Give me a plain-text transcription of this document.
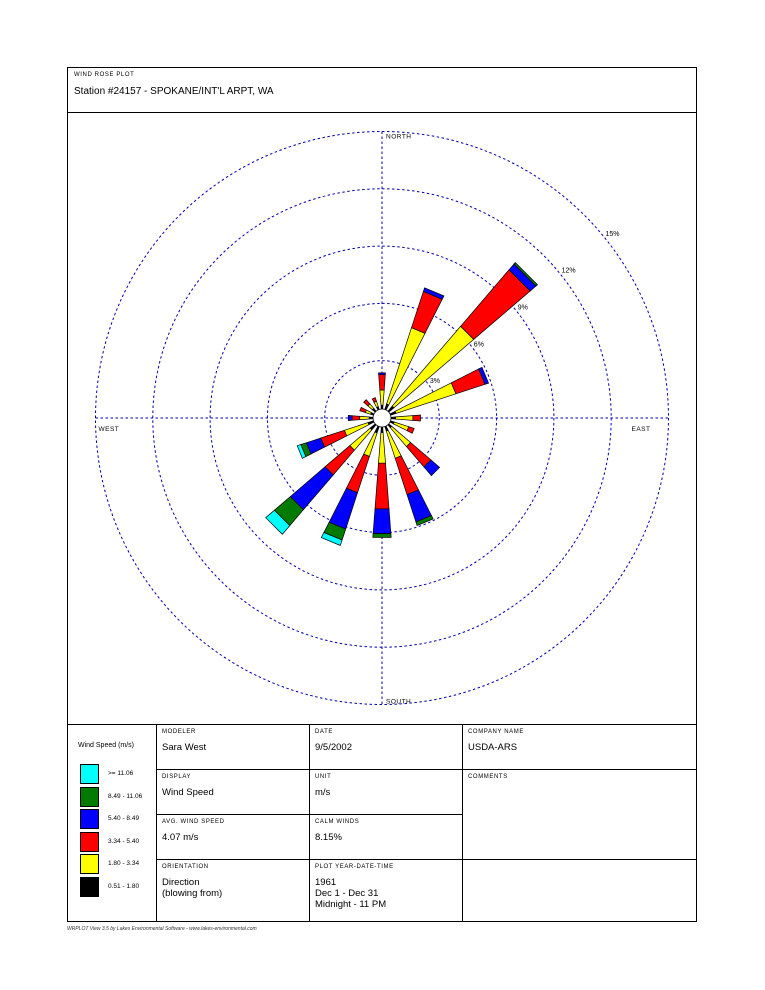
WIND ROSE PLOT
Station #24157 - SPOKANE/INT'L ARPT, WA
3%
6%
9%
12%
15%
NORTH
SOUTH
EAST
WEST
Wind Speed (m/s)
>= 11.06
8.49 - 11.06
5.40 - 8.49
3.34 - 5.40
1.80 - 3.34
0.51 - 1.80
MODELER
Sara West
DATE
9/5/2002
COMPANY NAME
USDA-ARS
DISPLAY
Wind Speed
UNIT
m/s
COMMENTS
AVG. WIND SPEED
4.07 m/s
CALM WINDS
8.15%
ORIENTATION
Direction
(blowing from)
PLOT YEAR-DATE-TIME
1961
Dec 1 - Dec 31
Midnight - 11 PM
WRPLOT View 3.5 by Lakes Environmental Software - www.lakes-environmental.com
